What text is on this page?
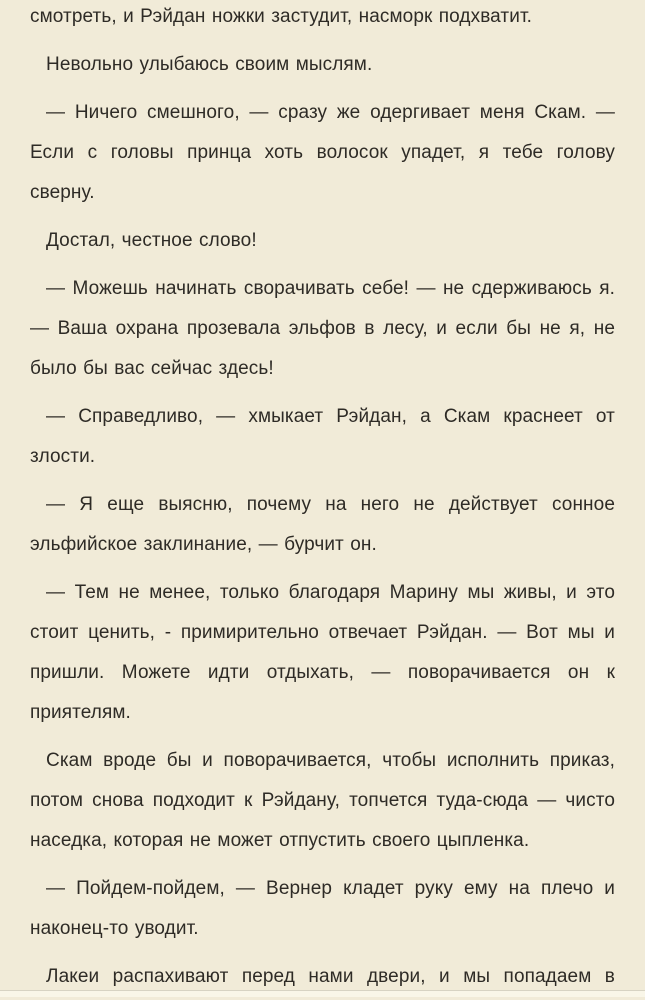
смотреть, и Рэйдан ножки застудит, насморк подхватит.

Невольно улыбаюсь своим мыслям.

— Ничего смешного, — сразу же одергивает меня Скам. — Если с головы принца хоть волосок упадет, я тебе голову сверну.

Достал, честное слово!

— Можешь начинать сворачивать себе! — не сдерживаюсь я. — Ваша охрана прозевала эльфов в лесу, и если бы не я, не было бы вас сейчас здесь!

— Справедливо, — хмыкает Рэйдан, а Скам краснеет от злости.

— Я еще выясню, почему на него не действует сонное эльфийское заклинание, — бурчит он.

— Тем не менее, только благодаря Марину мы живы, и это стоит ценить, - примирительно отвечает Рэйдан. — Вот мы и пришли. Можете идти отдыхать, — поворачивается он к приятелям.

Скам вроде бы и поворачивается, чтобы исполнить приказ, потом снова подходит к Рэйдану, топчется туда-сюда — чисто наседка, которая не может отпустить своего цыпленка.

— Пойдем-пойдем, — Вернер кладет руку ему на плечо и наконец-то уводит.

Лакеи распахивают перед нами двери, и мы попадаем в
